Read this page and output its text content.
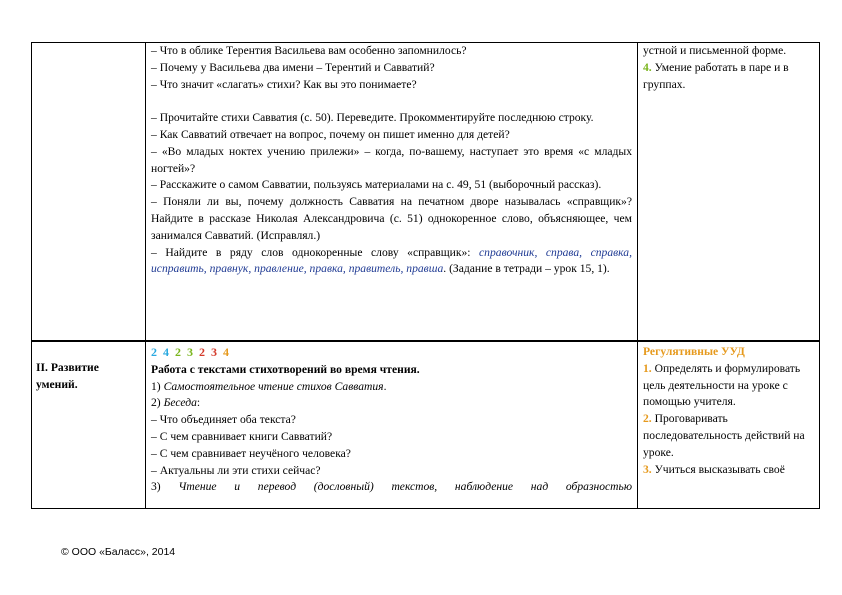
– Что в облике Терентия Васильева вам особенно запомнилось?

– Почему у Васильева два имени – Терентий и Савватий?

– Что значит «слагать» стихи? Как вы это понимаете?

– Прочитайте стихи Савватия (с. 50). Переведите. Прокомментируйте последнюю строку.

– Как Савватий отвечает на вопрос, почему он пишет именно для детей?

– «Во младых ноктех учению прилежи» – когда, по-вашему, наступает это время «с младых ногтей»?

– Расскажите о самом Савватии, пользуясь материалами на с. 49, 51 (выборочный рассказ).

– Поняли ли вы, почему должность Савватия на печатном дворе называлась «справщик»? Найдите в рассказе Николая Александровича (с. 51) однокоренное слово, объясняющее, чем занимался Савватий. (Исправлял.)

– Найдите в ряду слов однокоренные слову «справщик»: справочник, справа, справка, исправить, правнук, правление, правка, правитель, правша. (Задание в тетради – урок 15, 1).

устной и письменной форме.

4. Умение работать в паре и в группах.

II. Развитие умений.

2 4 2 3 2 3 4

Работа с текстами стихотворений во время чтения.

1) Самостоятельное чтение стихов Савватия.

2) Беседа:

– Что объединяет оба текста?

– С чем сравнивает книги Савватий?

– С чем сравнивает неучёного человека?

– Актуальны ли эти стихи сейчас?

3) Чтение и перевод (дословный) текстов, наблюдение над образностью

Регулятивные УУД

1. Определять и формулировать цель деятельности на уроке с помощью учителя.

2. Проговаривать последовательность действий на уроке.

3. Учиться высказывать своё

© ООО «Баласс», 2014
